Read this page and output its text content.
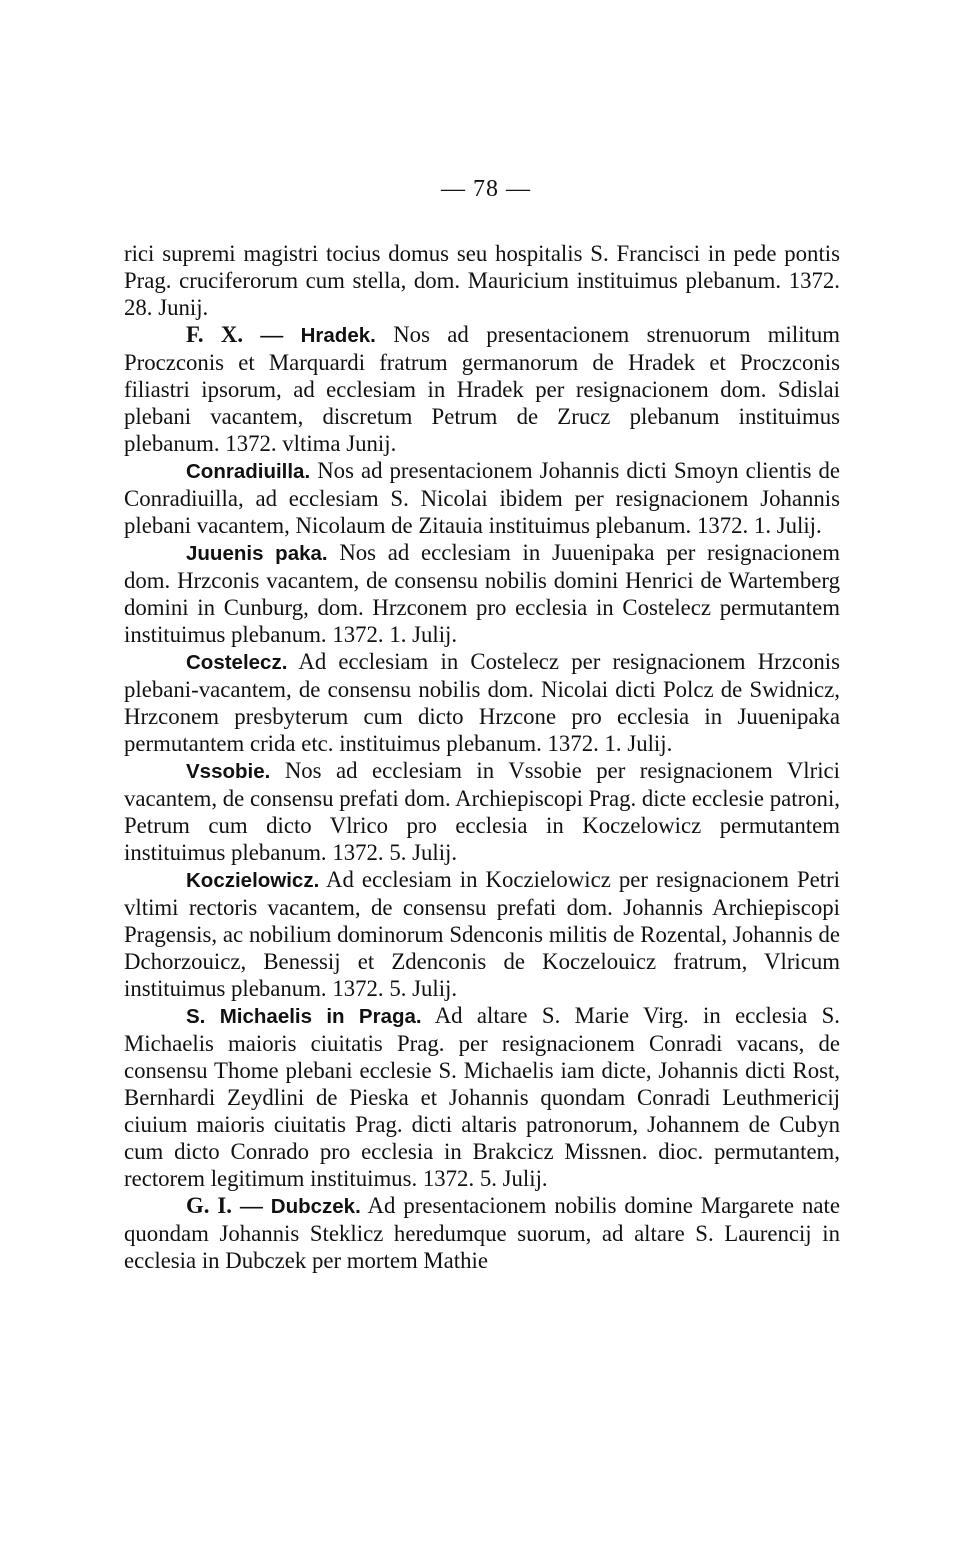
— 78 —

rici supremi magistri tocius domus seu hospitalis S. Francisci in pede pontis Prag. cruciferorum cum stella, dom. Mauricium instituimus plebanum. 1372. 28. Junij.

F. X. — Hradek. Nos ad presentacionem strenuorum militum Proczconis et Marquardi fratrum germanorum de Hradek et Proczconis filiastri ipsorum, ad ecclesiam in Hradek per resignacionem dom. Sdislai plebani vacantem, discretum Petrum de Zrucz plebanum instituimus plebanum. 1372. vltima Junij.

Conradiuilla. Nos ad presentacionem Johannis dicti Smoyn clientis de Conradiuilla, ad ecclesiam S. Nicolai ibidem per resignacionem Johannis plebani vacantem, Nicolaum de Zitauia instituimus plebanum. 1372. 1. Julij.

Juuenis paka. Nos ad ecclesiam in Juuenipaka per resignacionem dom. Hrzconis vacantem, de consensu nobilis domini Henrici de Wartemberg domini in Cunburg, dom. Hrzconem pro ecclesia in Costelecz permutantem instituimus plebanum. 1372. 1. Julij.

Costelecz. Ad ecclesiam in Costelecz per resignacionem Hrzconis plebani-vacantem, de consensu nobilis dom. Nicolai dicti Polcz de Swidnicz, Hrzconem presbyterum cum dicto Hrzcone pro ecclesia in Juuenipaka permutantem crida etc. instituimus plebanum. 1372. 1. Julij.

Vssobie. Nos ad ecclesiam in Vssobie per resignacionem Vlrici vacantem, de consensu prefati dom. Archiepiscopi Prag. dicte ecclesie patroni, Petrum cum dicto Vlrico pro ecclesia in Koczelowicz permutantem instituimus plebanum. 1372. 5. Julij.

Koczielowicz. Ad ecclesiam in Koczielowicz per resignacionem Petri vltimi rectoris vacantem, de consensu prefati dom. Johannis Archiepiscopi Pragensis, ac nobilium dominorum Sdenconis militis de Rozental, Johannis de Dchorzouicz, Benessij et Zdenconis de Koczelouicz fratrum, Vlricum instituimus plebanum. 1372. 5. Julij.

S. Michaelis in Praga. Ad altare S. Marie Virg. in ecclesia S. Michaelis maioris ciuitatis Prag. per resignacionem Conradi vacans, de consensu Thome plebani ecclesie S. Michaelis iam dicte, Johannis dicti Rost, Bernhardi Zeydlini de Pieska et Johannis quondam Conradi Leuthmericij ciuium maioris ciuitatis Prag. dicti altaris patronorum, Johannem de Cubyn cum dicto Conrado pro ecclesia in Brakcicz Missnen. dioc. permutantem, rectorem legitimum instituimus. 1372. 5. Julij.

G. I. — Dubczek. Ad presentacionem nobilis domine Margarete nate quondam Johannis Steklicz heredumque suorum, ad altare S. Laurencij in ecclesia in Dubczek per mortem Mathie
